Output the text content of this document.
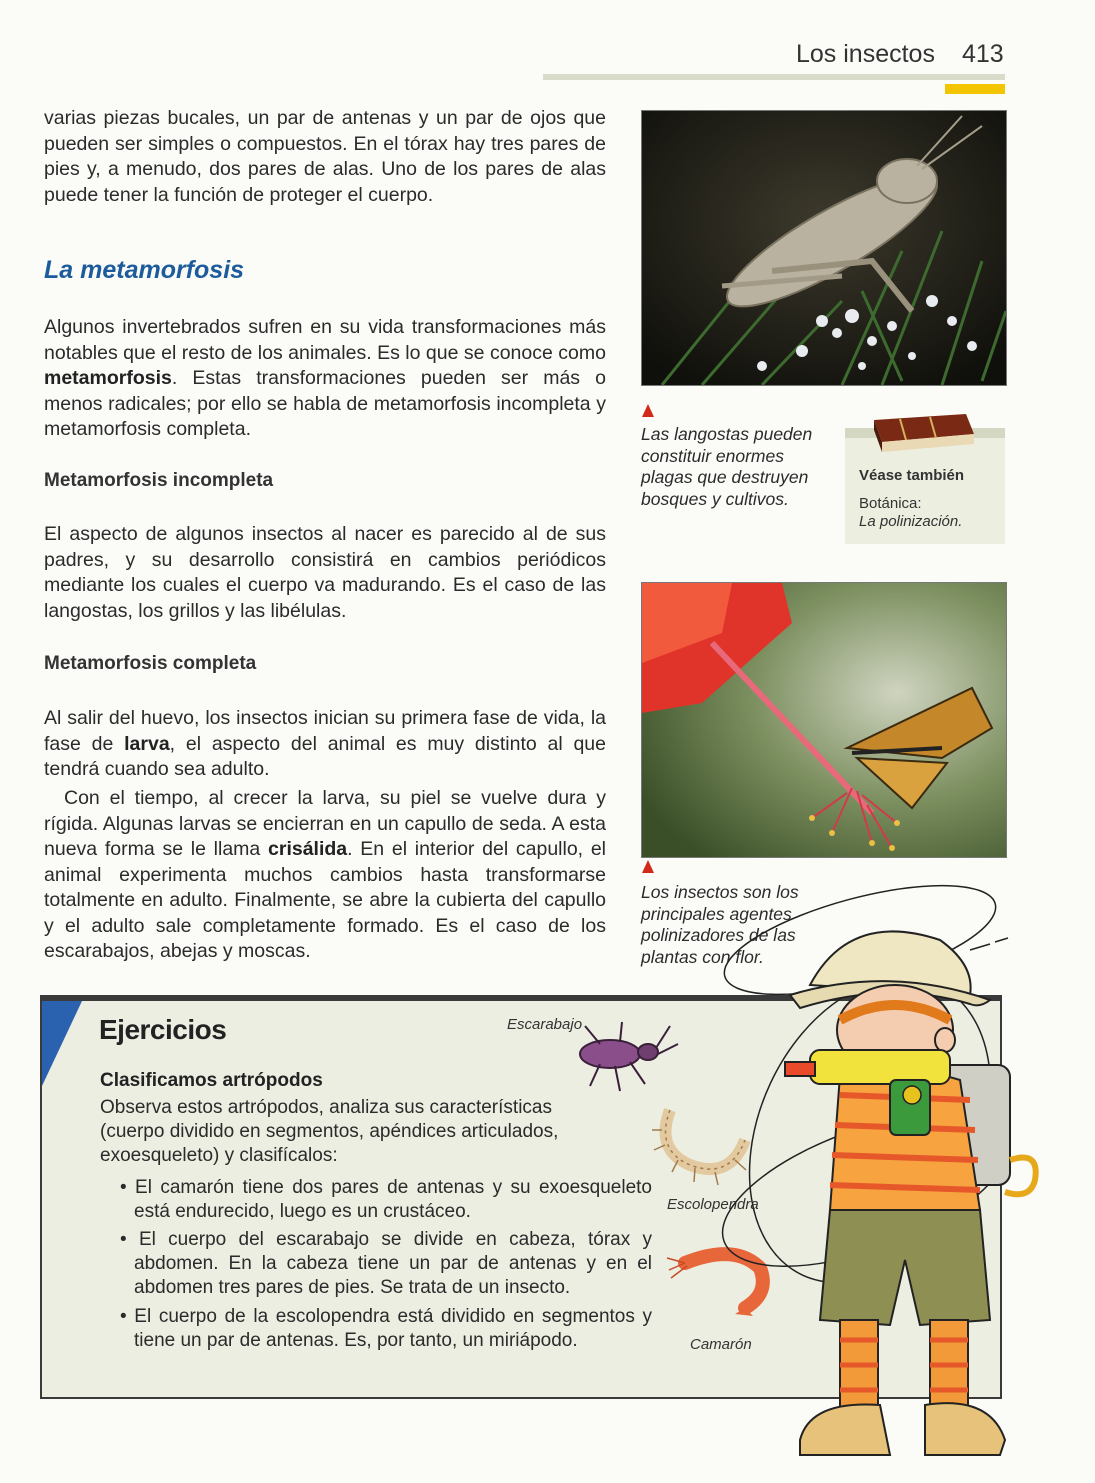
Los insectos 413
varias piezas bucales, un par de antenas y un par de ojos que pueden ser simples o compuestos. En el tórax hay tres pares de pies y, a menudo, dos pares de alas. Uno de los pares de alas puede tener la función de proteger el cuerpo.
La metamorfosis
Algunos invertebrados sufren en su vida transformaciones más notables que el resto de los animales. Es lo que se conoce como metamorfosis. Estas transformaciones pueden ser más o menos radicales; por ello se habla de metamorfosis incompleta y metamorfosis completa.
Metamorfosis incompleta
El aspecto de algunos insectos al nacer es parecido al de sus padres, y su desarrollo consistirá en cambios periódicos mediante los cuales el cuerpo va madurando. Es el caso de las langostas, los grillos y las libélulas.
Metamorfosis completa
Al salir del huevo, los insectos inician su primera fase de vida, la fase de larva, el aspecto del animal es muy distinto al que tendrá cuando sea adulto.
Con el tiempo, al crecer la larva, su piel se vuelve dura y rígida. Algunas larvas se encierran en un capullo de seda. A esta nueva forma se le llama crisálida. En el interior del capullo, el animal experimenta muchos cambios hasta transformarse totalmente en adulto. Finalmente, se abre la cubierta del capullo y el adulto sale completamente formado. Es el caso de los escarabajos, abejas y moscas.
Las langostas pueden constituir enormes plagas que destruyen bosques y cultivos.
Véase también
Botánica:
La polinización.
Los insectos son los principales agentes polinizadores de las plantas con flor.
Ejercicios
Clasificamos artrópodos
Observa estos artrópodos, analiza sus características (cuerpo dividido en segmentos, apéndices articulados, exoesqueleto) y clasifícalos:
• El camarón tiene dos pares de antenas y su exoesqueleto está endurecido, luego es un crustáceo.
• El cuerpo del escarabajo se divide en cabeza, tórax y abdomen. En la cabeza tiene un par de antenas y en el abdomen tres pares de pies. Se trata de un insecto.
• El cuerpo de la escolopendra está dividido en segmentos y tiene un par de antenas. Es, por tanto, un miriápodo.
Escarabajo
Escolopendra
Camarón
